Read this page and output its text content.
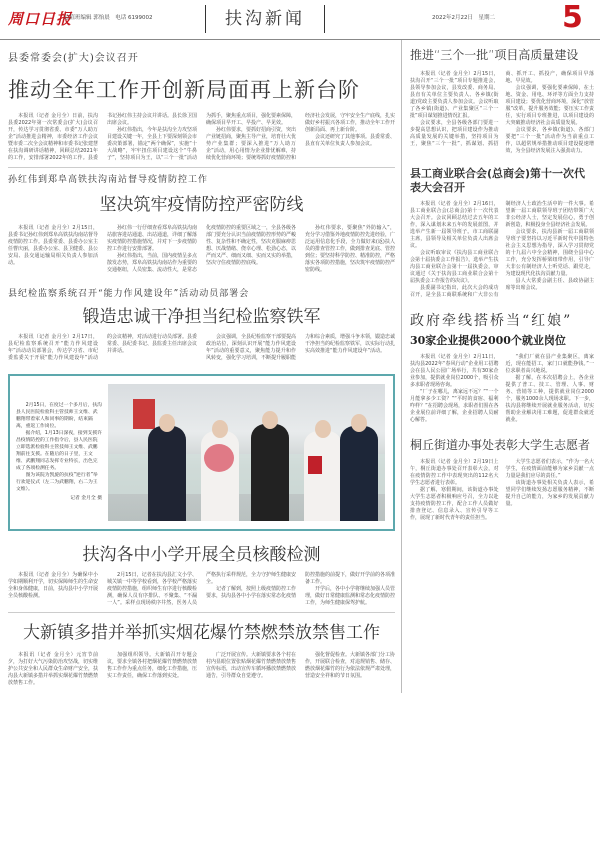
周口日报
总值班编辑 郭怡晨　电话 6199002	扶沟新闻	2022年2月22日　星期二 5
县委常委会(扩大)会议召开
推动全年工作开创新局面再上新台阶

本报讯（记者 金月全）日前，扶沟县委2022年第一次常委会(扩大)会议召开，传达学习贯彻省委、市委“万人助万企”活动推进会精神，市委经济工作会议暨市委二次全会议精神和市委书记张建慧在扶沟调研讲话精神，回顾总结2021年的工作，安排部署2022年的工作。县委书记孙红伟主持会议并讲话。县长徐卫国出席会议。

孙红伟指出，今年是扶沟全力攻坚项目建设关键一年，全县上下要深刻领会市委决策部署，锚定“两个确保”，实施“十大战略”，牢牢扭住项目建设这个“牛鼻子”，坚持项目为王，以“三个一批”活动为抓手，聚焦重点项目，强化要素保障，确保项目早开工、早投产、早见效。

孙红伟要求，要抓好招商引资，突出产业链招商，聚焦主导产业，培育壮大优势产业集群；要深入推进“万人助万企”活动，用心用情为企业排忧解难，持续优化营商环境；要统筹抓好疫情防控和经济社会发展，守牢安全生产底线，扎实做好乡村振兴各项工作，推动全年工作开创新局面、再上新台阶。

会议还研究了其他事项。县委常委、县直有关单位负责人参加会议。

孙红伟到郑阜高铁扶沟南站督导疫情防控工作
坚决筑牢疫情防控严密防线

本报讯（记者 金月全）2月15日，县委书记孙红伟到郑阜高铁扶沟南站督导疫情防控工作。县委常委、县委办公室主任曹庆丽，县委办公室、县卫健委、县公安局、县交通运输局相关负责人参加活动。

孙红伟一行仔细查看郑阜高铁扶沟南站旅客进站通道、出站通道，详细了解落实疫情防控措施情况，并对下一步疫情防控工作进行安排部署。

孙红伟指出，当前，国内疫情呈多点散发态势，郑阜高铁扶沟南站作为重要的交通枢纽，人员密集、流动性大，是常态化疫情防控的重要区域之一，全县各级各部门要充分认识当前疫情防控形势的严峻性、复杂性和不确定性，坚决克服麻痹思想、厌战情绪、侥幸心理、松劲心态，以严而又严、细而又细、实而又实的举措，坚决守住疫情防控底线。

孙红伟要求，要聚焦“外防输入”，充分学习借鉴外地疫情防控先进经验，广泛运用信息化手段，全力做好来(返)扶人员的排查管控工作，做到排查见底、管控到位；要坚持科学防控、精准防控，严格落实各项防控措施，坚决筑牢疫情防控严密防线。

县纪检监察系统召开“能力作风建设年”活动动员部署会
锻造忠诚干净担当纪检监察铁军

本报讯（记者 金月全）2月17日，县纪检监察系统召开“能力作风建设年”活动动员部署会，传达学习省、市纪委监委关于开展“能力作风建设年”活动的会议精神，对活动进行动员部署。县委常委、县纪委书记、县监委主任出席会议并讲话。

会议强调，全县纪检监察干部要提高政治站位，深刻认识开展“能力作风建设年”活动的重要意义，聚焦能力提升和作风转变，强化学习培训，不断提升履职能力和综合素质，增强斗争本领，锻造忠诚干净担当的纪检监察铁军，以实际行动扎实高效推进“能力作风建设年”活动。

2月15日，在度过一个多月后，扶沟县人民医院检验科主管技师王文维、武鹏翔带着家人和同事的期盼，结束隔离，重返工作岗位。

据介绍，1月13日深夜，接到支援许昌疫情防控的工作指令后，县人民医院立即选派检验科主管技师王文维、武鹏翔前往支援。在随后的日子里，王文维、武鹏翔同志发挥专业特长，出色完成了各项检测任务。

图为该院为凯旋的抗疫“逆行者”举行欢迎仪式（左二为武鹏翔，右二为王文维）。

记者 金月全 摄
扶沟各中小学开展全员核酸检测

本报讯（记者 金月全）为确保中小学如期顺利开学，切实保障师生的生命安全和身体健康，日前，扶沟县中小学开展全员核酸检测。

2月15日，记者在扶沟县汇文小学、城关镇一中等学校看到，各学校严格落实疫情防控措施，组织师生有序进行核酸检测，确保人员有序排队、不聚集、“不漏一人”。采样点现场秩序井然，医务人员严格执行采样规范，全力守护师生健康安全。

记者了解到，按照上级疫情防控工作要求，扶沟县各中小学在落实常态化疫情防控措施的前提下，做好开学前的各项准备工作。

开学后，各中小学将继续加强人员管理，做好日常健康监测和常态化疫情防控工作，为师生健康保驾护航。

大新镇多措并举抓实烟花爆竹禁燃禁放禁售工作

本报讯（记者 金月全）元宵节前夕，为打好大气污染防治攻坚战，切实维护公共安全和人民群众生命财产安全，扶沟县大新镇多措并举抓实烟花爆竹禁燃禁放禁售工作。

加强组织领导。大新镇召开专题会议，要求全镇各村把烟花爆竹禁燃禁放禁售工作作为重点任务，细化工作措施，压实工作责任，确保工作落到实处。

广泛开展宣传。大新镇要求各个村在村内显眼位置张贴烟花爆竹禁燃禁放禁售宣传标语，出动宣传车循环播放禁燃禁放通告，引导群众自觉遵守。

强化督促检查。大新镇各部门分工协作，开展联合检查，对违规销售、储存、燃放烟花爆竹的行为依法依规严肃处理，营造安全祥和的节日氛围。

推进“三个一批”项目高质量建设

本报讯（记者 金月全）2月15日，扶沟召开“三个一批”项目专题推进会，县领导参加会议，县发改委、商务局、县直有关单位主要负责人、各乡镇(街道)党政主要负责人参加会议。会议听取了各乡镇(街道)、产业集聚区“三个一批”项目谋划推进情况汇报。

会议要求，全县各级各部门要进一步提高思想认识，把项目建设作为推动高质量发展的关键举措，坚持项目为王，聚焦“三个一批”，抓谋划、抓招商、抓开工、抓投产，确保项目早落地、早见效。

会议强调，要强化要素保障，在土地、资金、用电、环评等方面全力支持项目建设；要优化营商环境，深化“放管服”改革，提升服务效能；要压实工作责任，实行项目专班推进，以项目建设的大突破推动经济社会高质量发展。

会议要求，各乡镇(街道)、各部门要把“三个一批”活动作为当前重点工作，以超常规举措推动项目建设提速增效，为全县经济发展注入强劲动力。

县工商业联合会(总商会)第十一次代表大会召开

本报讯（记者 金月全）2月16日，县工商业联合会(总商会)第十一次代表大会召开。会议回顾总结过去五年的工作，深入谋划未来五年的发展蓝图，并选举产生新一届领导班子。市工商联副主席，县领导及相关单位负责人出席会议。

会议听取审议《扶沟县工商业联合会第十届执委会工作报告》，选举产生扶沟县工商业联合会第十一届执委会，审议通过《关于扶沟县工商业联合会第十届执委会工作报告的决议》。

县委副书记指出，此次大会的成功召开，是全县工商联系统和广大非公有制经济人士政治生活中的一件大事。希望新一届工商联领导班子团结带领广大非公经济人士，坚定发展信心，勇于创新创造，积极投身全县经济社会发展。

会议要求，扶沟县新一届工商联领导班子要坚持以习近平新时代中国特色社会主义思想为指导，深入学习贯彻党的十九届六中全会精神，围绕全县中心工作，充分发挥桥梁纽带作用，引导广大非公有制经济人士听党话、跟党走，为建设现代化扶沟贡献力量。

县人大常委会副主任、县政协副主席等出席会议。

政府牵线搭桥当“红娘”
30家企业提供2000个就业岗位

本报讯（记者 金月全）2月11日，扶沟县2022年“春风行动”企业用工招聘会在县人民公园广场举行，共有30家企业参加，提供就业岗位2000个，吸引众多求职者现场咨询。

“厂子在哪儿，离家远不远？”“一个月能拿多少工资？”“平时的食宿、福利咋样？”在招聘会现场，求职者们围在各企业展位前详细了解，企业招聘人员耐心解答。

“我们厂就在县产业集聚区，离家近，现在能招工，家门口就能挣钱。”一位求职者高兴地说。

据了解，在本次招聘会上，各企业提供了普工、技工、管理、人事、财务、营销等工种，提供就业岗位2000个，服务1000余人现场求职。下一步，扶沟县将继续开展就业服务活动，切实帮助企业解决用工难题，促进群众就近就业。

桐丘街道办事处表彰大学生志愿者

本报讯（记者 金月全）2月19日上午，桐丘街道办事处召开表彰大会，对在疫情防控工作中表现突出的112名大学生志愿者进行表彰。

据了解，寒假期间，该街道办事处大学生志愿者积极响应号召，全力以赴支持疫情防控工作，配合工作人员做好排查登记、信息录入、宣传引导等工作，展现了新时代青年的责任担当。

大学生志愿者们表示，“作为一名大学生，在疫情面前能够为家乡贡献一点力量是我们应尽的责任。”

该街道办事处相关负责人表示，希望同学们继续发扬志愿服务精神，不断提升自己的能力，为家乡的发展贡献力量。
